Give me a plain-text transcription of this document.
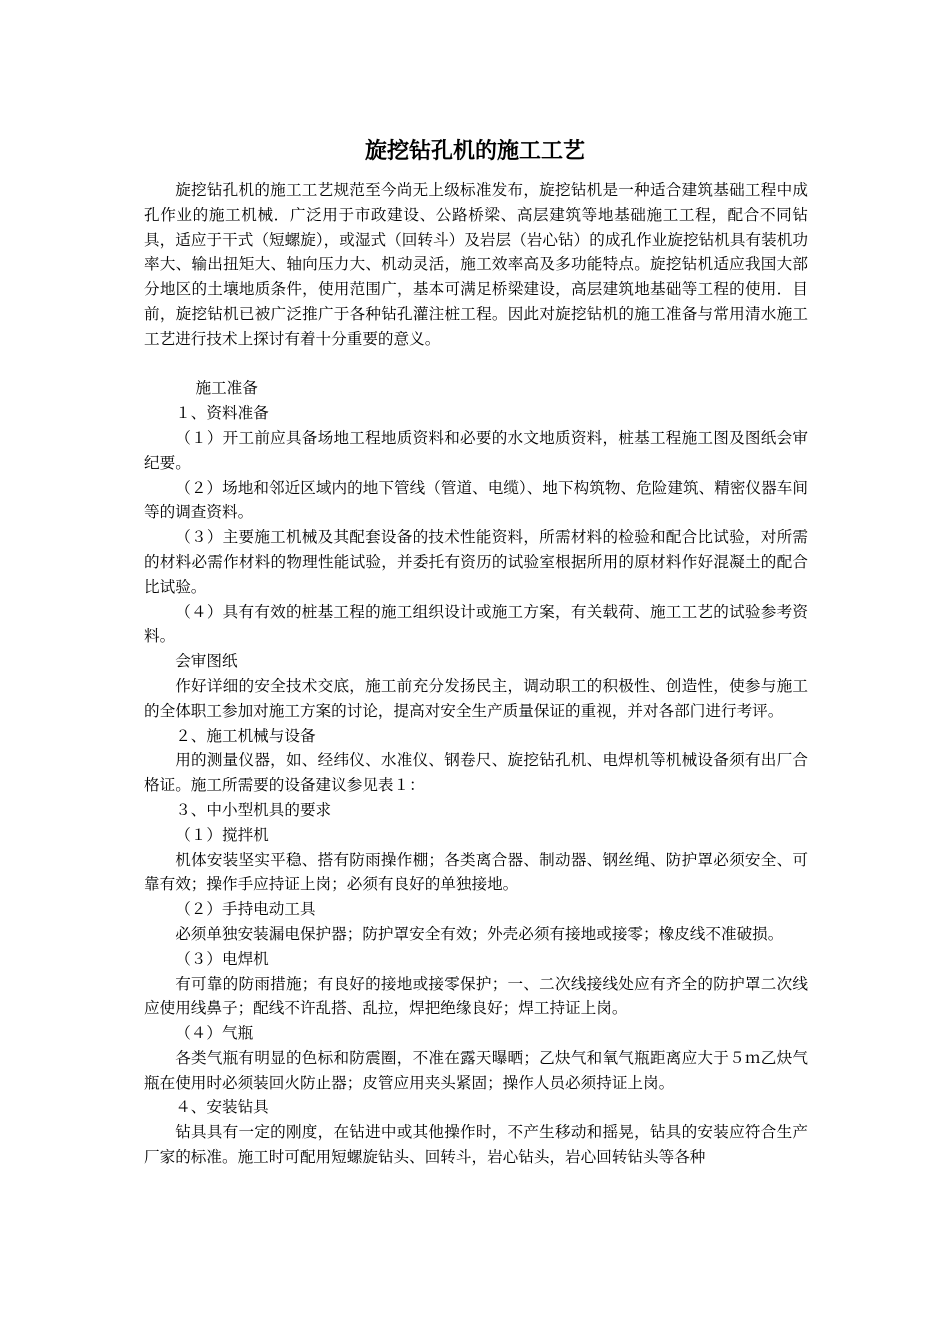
旋挖钻孔机的施工工艺

旋挖钻孔机的施工工艺规范至今尚无上级标准发布，旋挖钻机是一种适合建筑基础工程中成孔作业的施工机械．广泛用于市政建设、公路桥梁、高层建筑等地基础施工工程，配合不同钻具，适应于干式（短螺旋），或湿式（回转斗）及岩层（岩心钻）的成孔作业旋挖钻机具有装机功率大、输出扭矩大、轴向压力大、机动灵活，施工效率高及多功能特点。旋挖钻机适应我国大部分地区的土壤地质条件，使用范围广，基本可满足桥梁建设，高层建筑地基础等工程的使用．目前，旋挖钻机已被广泛推广于各种钻孔灌注桩工程。因此对旋挖钻机的施工准备与常用清水施工工艺进行技术上探讨有着十分重要的意义。

施工准备

１、资料准备

（１）开工前应具备场地工程地质资料和必要的水文地质资料，桩基工程施工图及图纸会审纪要。

（２）场地和邻近区域内的地下管线（管道、电缆）、地下构筑物、危险建筑、精密仪器车间等的调查资料。

（３）主要施工机械及其配套设备的技术性能资料，所需材料的检验和配合比试验，对所需的材料必需作材料的物理性能试验，并委托有资历的试验室根据所用的原材料作好混凝土的配合比试验。

（４）具有有效的桩基工程的施工组织设计或施工方案，有关载荷、施工工艺的试验参考资料。

会审图纸

作好详细的安全技术交底，施工前充分发扬民主，调动职工的积极性、创造性，使参与施工的全体职工参加对施工方案的讨论，提高对安全生产质量保证的重视，并对各部门进行考评。

２、施工机械与设备

用的测量仪器，如、经纬仪、水准仪、钢卷尺、旋挖钻孔机、电焊机等机械设备须有出厂合格证。施工所需要的设备建议参见表１：

３、中小型机具的要求

（１）搅拌机

机体安装坚实平稳、搭有防雨操作棚；各类离合器、制动器、钢丝绳、防护罩必须安全、可靠有效；操作手应持证上岗；必须有良好的单独接地。

（２）手持电动工具

必须单独安装漏电保护器；防护罩安全有效；外壳必须有接地或接零；橡皮线不准破损。

（３）电焊机

有可靠的防雨措施；有良好的接地或接零保护；一、二次线接线处应有齐全的防护罩二次线应使用线鼻子；配线不许乱搭、乱拉，焊把绝缘良好；焊工持证上岗。

（４）气瓶

各类气瓶有明显的色标和防震圈，不准在露天曝晒；乙炔气和氧气瓶距离应大于５ｍ乙炔气瓶在使用时必须装回火防止器；皮管应用夹头紧固；操作人员必须持证上岗。

４、安装钻具

钻具具有一定的刚度，在钻进中或其他操作时，不产生移动和摇晃，钻具的安装应符合生产厂家的标准。施工时可配用短螺旋钻头、回转斗，岩心钻头，岩心回转钻头等各种
